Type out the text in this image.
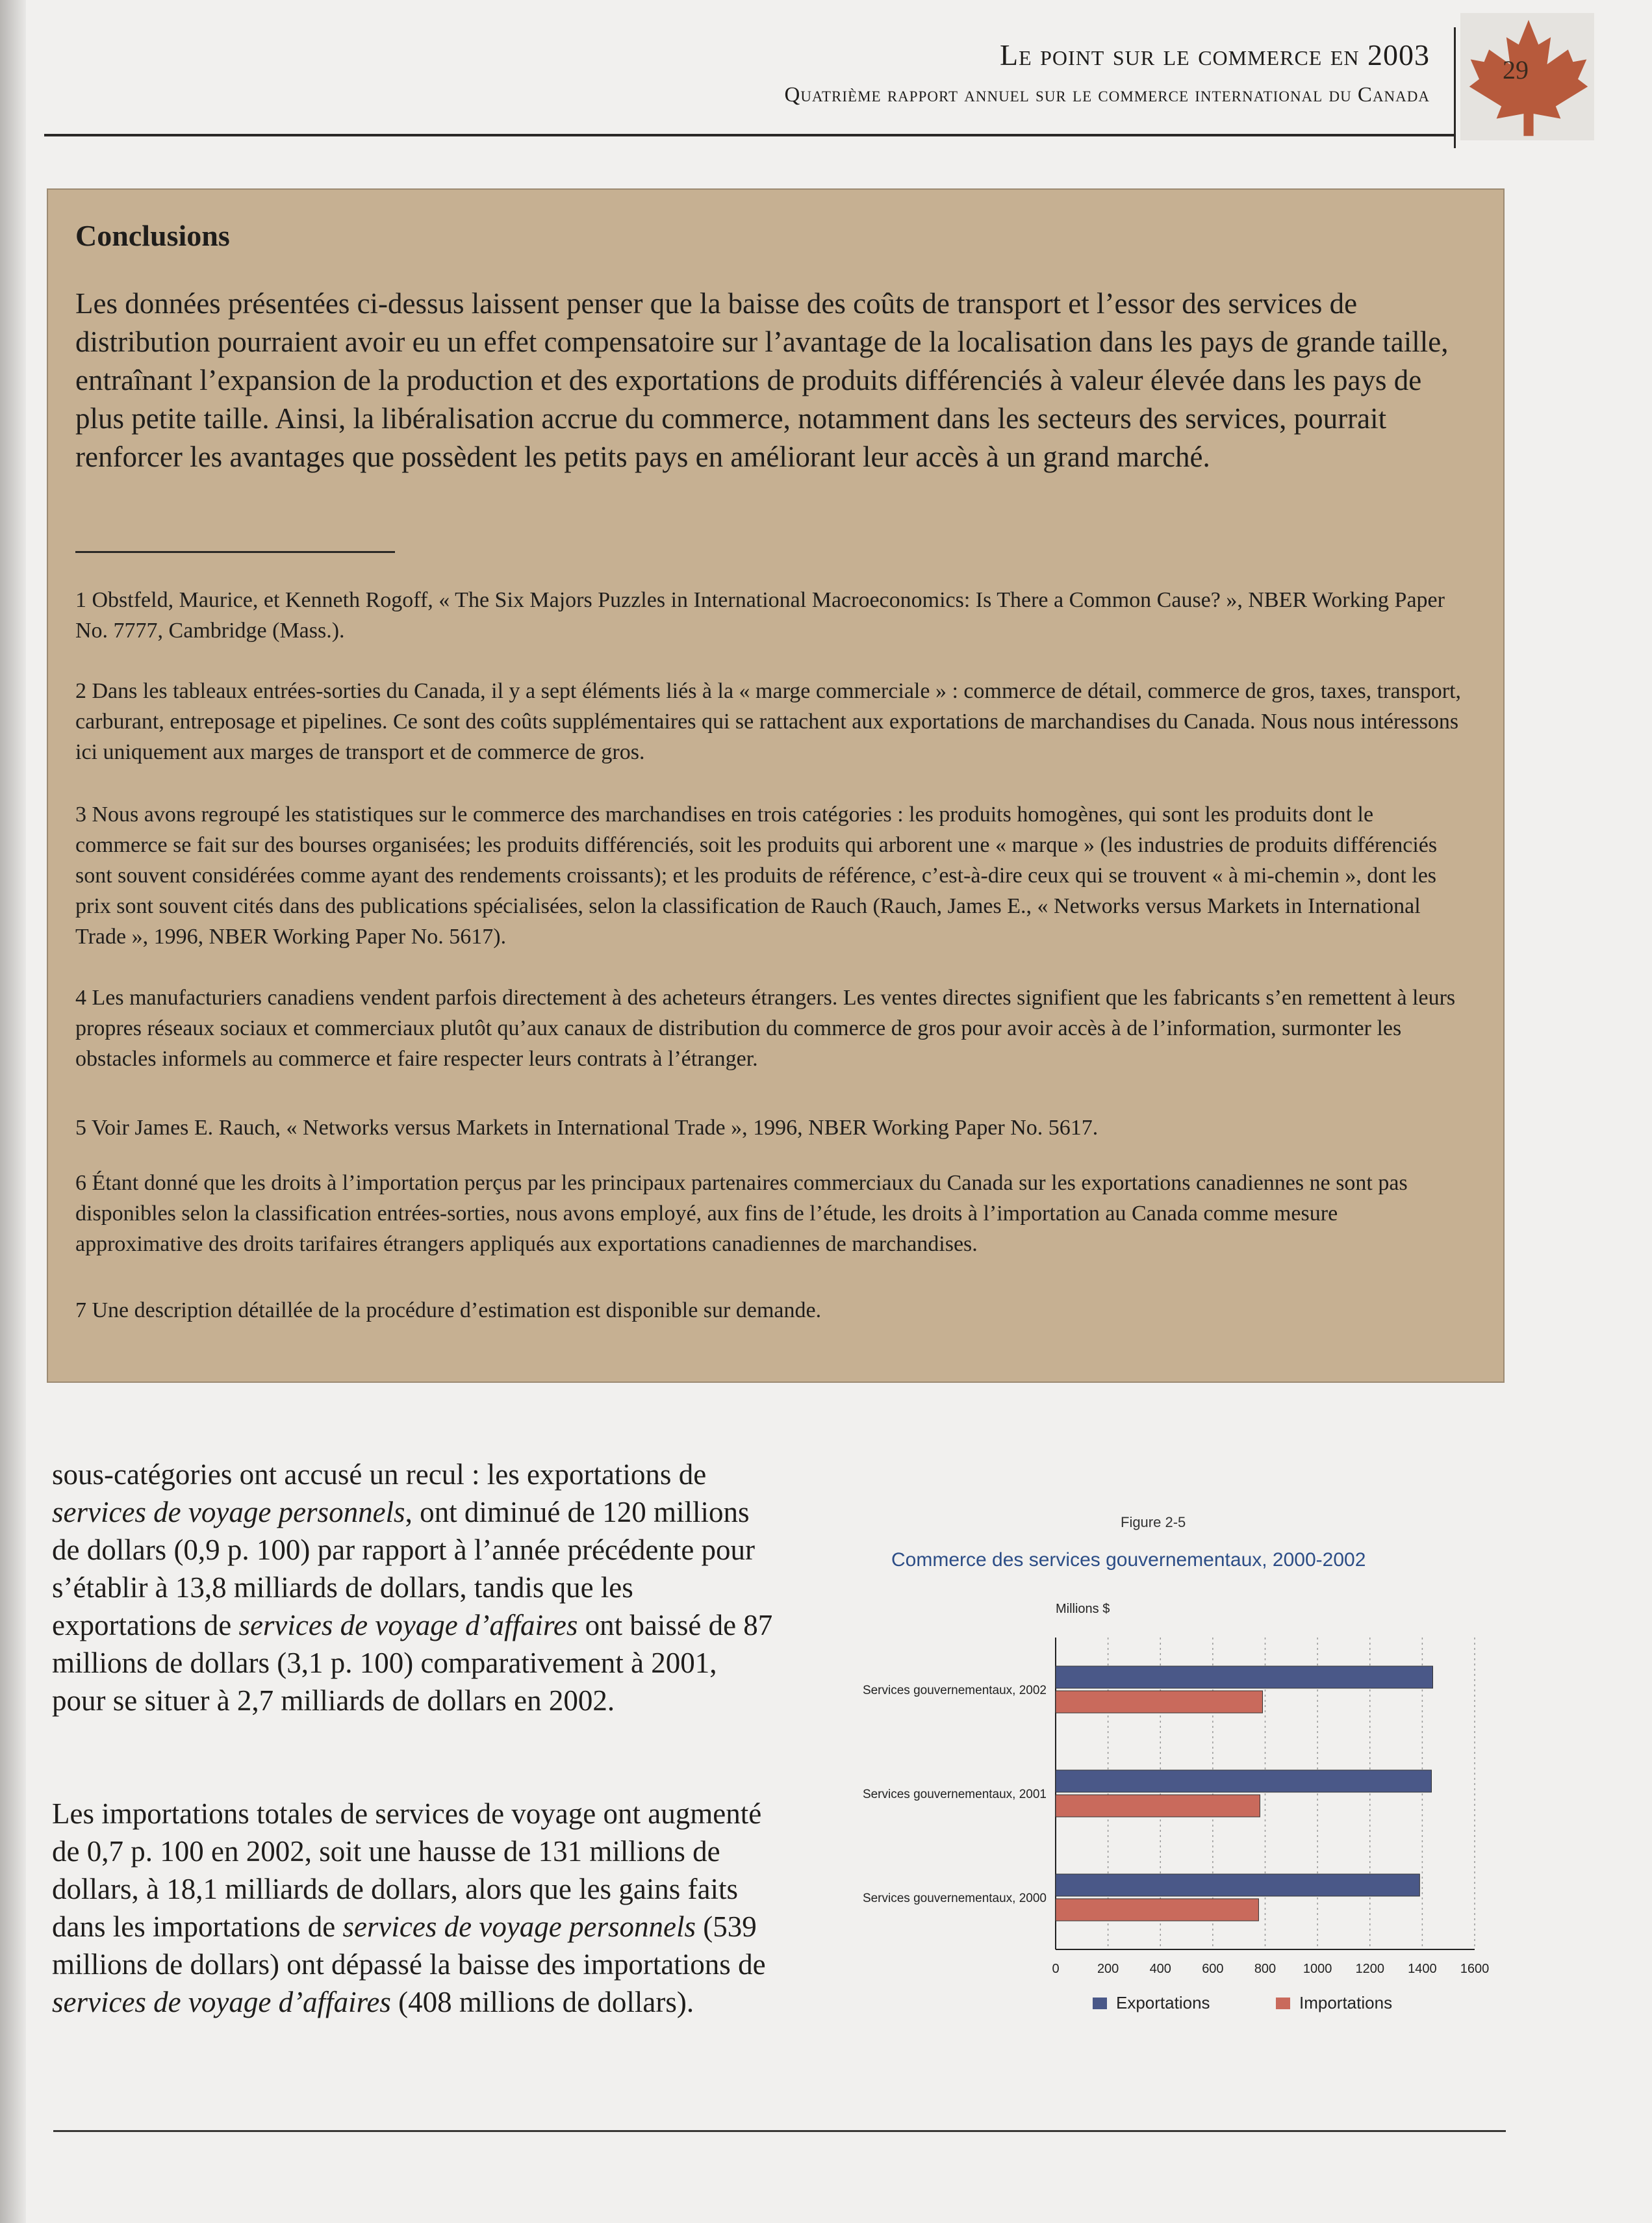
Le point sur le commerce en 2003
Quatrième rapport annuel sur le commerce international du Canada
29
Conclusions

Les données présentées ci-dessus laissent penser que la baisse des coûts de transport et l’essor des services de distribution pourraient avoir eu un effet compensatoire sur l’avantage de la localisation dans les pays de grande taille, entraînant l’expansion de la production et des exportations de produits différenciés à valeur élevée dans les pays de plus petite taille. Ainsi, la libéralisation accrue du commerce, notamment dans les secteurs des services, pourrait renforcer les avantages que possèdent les petits pays en améliorant leur accès à un grand marché.

1 Obstfeld, Maurice, et Kenneth Rogoff, « The Six Majors Puzzles in International Macroeconomics: Is There a Common Cause? », NBER Working Paper No. 7777, Cambridge (Mass.).

2 Dans les tableaux entrées-sorties du Canada, il y a sept éléments liés à la « marge commerciale » : commerce de détail, commerce de gros, taxes, transport, carburant, entreposage et pipelines. Ce sont des coûts supplémentaires qui se rattachent aux exportations de marchandises du Canada. Nous nous intéressons ici uniquement aux marges de transport et de commerce de gros.

3 Nous avons regroupé les statistiques sur le commerce des marchandises en trois catégories : les produits homogènes, qui sont les produits dont le commerce se fait sur des bourses organisées; les produits différenciés, soit les produits qui arborent une « marque » (les industries de produits différenciés sont souvent considérées comme ayant des rendements croissants); et les produits de référence, c’est-à-dire ceux qui se trouvent « à mi-chemin », dont les prix sont souvent cités dans des publications spécialisées, selon la classification de Rauch (Rauch, James E., « Networks versus Markets in International Trade », 1996, NBER Working Paper No. 5617).

4 Les manufacturiers canadiens vendent parfois directement à des acheteurs étrangers. Les ventes directes signifient que les fabricants s’en remettent à leurs propres réseaux sociaux et commerciaux plutôt qu’aux canaux de distribution du commerce de gros pour avoir accès à de l’information, surmonter les obstacles informels au commerce et faire respecter leurs contrats à l’étranger.

5 Voir James E. Rauch, « Networks versus Markets in International Trade », 1996, NBER Working Paper No. 5617.

6 Étant donné que les droits à l’importation perçus par les principaux partenaires commerciaux du Canada sur les exportations canadiennes ne sont pas disponibles selon la classification entrées-sorties, nous avons employé, aux fins de l’étude, les droits à l’importation au Canada comme mesure approximative des droits tarifaires étrangers appliqués aux exportations canadiennes de marchandises.

7 Une description détaillée de la procédure d’estimation est disponible sur demande.

sous-catégories ont accusé un recul : les exportations de services de voyage personnels, ont diminué de 120 millions de dollars (0,9 p. 100) par rapport à l’année précédente pour s’établir à 13,8 milliards de dollars, tandis que les exportations de services de voyage d’affaires ont baissé de 87 millions de dollars (3,1 p. 100) comparativement à 2001, pour se situer à 2,7 milliards de dollars en 2002.

Les importations totales de services de voyage ont augmenté de 0,7 p. 100 en 2002, soit une hausse de 131 millions de dollars, à 18,1 milliards de dollars, alors que les gains faits dans les importations de services de voyage personnels (539 millions de dollars) ont dépassé la baisse des importations de services de voyage d’affaires (408 millions de dollars).

Figure 2-5
Commerce des services gouvernementaux, 2000-2002
Millions $
0	200 400 600 800 1000 1200 1400 1600
Services gouvernementaux, 2002
Services gouvernementaux, 2001
Services gouvernementaux, 2000
Exportations	Importations
